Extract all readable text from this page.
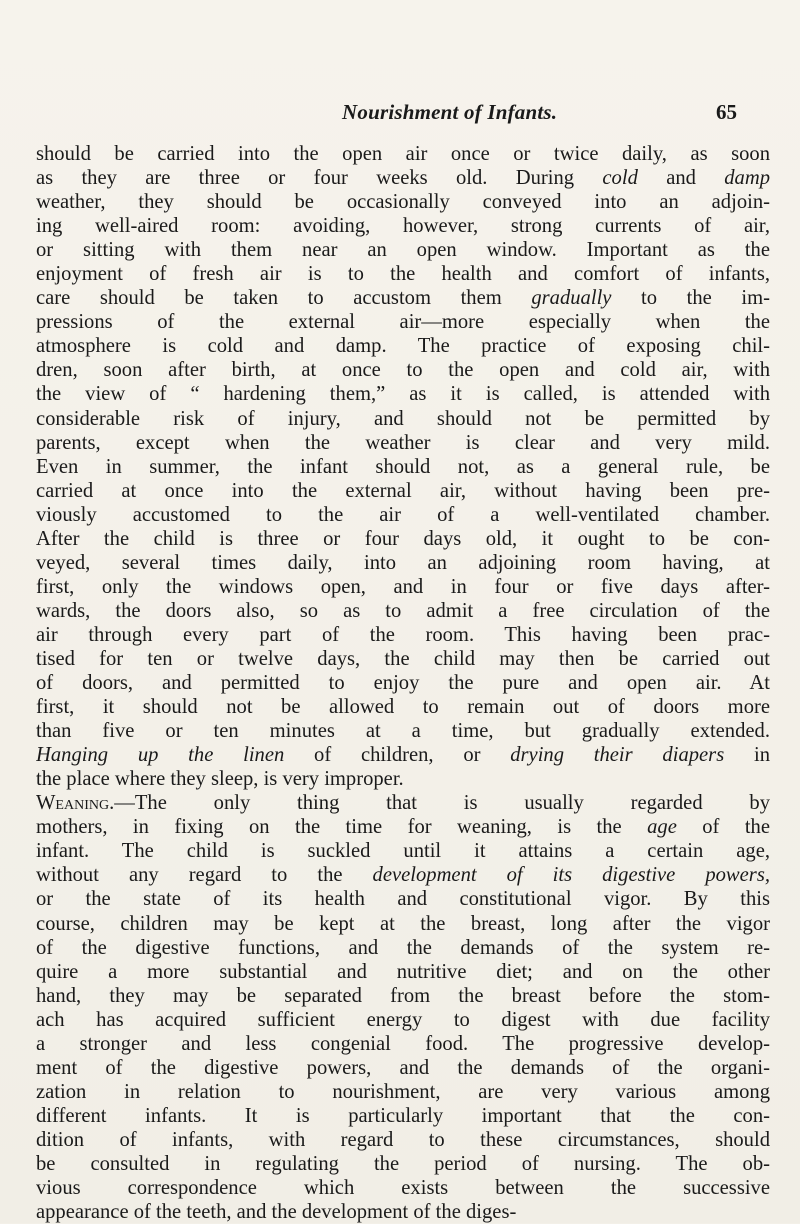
Nourishment of Infants.	65
should be carried into the open air once or twice daily, as soon
as they are three or four weeks old. During cold and damp
weather, they should be occasionally conveyed into an adjoin-
ing well-aired room: avoiding, however, strong currents of air,
or sitting with them near an open window. Important as the
enjoyment of fresh air is to the health and comfort of infants,
care should be taken to accustom them gradually to the im-
pressions of the external air—more especially when the
atmosphere is cold and damp. The practice of exposing chil-
dren, soon after birth, at once to the open and cold air, with
the view of “ hardening them,” as it is called, is attended with
considerable risk of injury, and should not be permitted by
parents, except when the weather is clear and very mild.
Even in summer, the infant should not, as a general rule, be
carried at once into the external air, without having been pre-
viously accustomed to the air of a well-ventilated chamber.
After the child is three or four days old, it ought to be con-
veyed, several times daily, into an adjoining room having, at
first, only the windows open, and in four or five days after-
wards, the doors also, so as to admit a free circulation of the
air through every part of the room. This having been prac-
tised for ten or twelve days, the child may then be carried out
of doors, and permitted to enjoy the pure and open air. At
first, it should not be allowed to remain out of doors more
than five or ten minutes at a time, but gradually extended.
Hanging up the linen of children, or drying their diapers in
the place where they sleep, is very improper.
Weaning.—The only thing that is usually regarded by
mothers, in fixing on the time for weaning, is the age of the
infant. The child is suckled until it attains a certain age,
without any regard to the development of its digestive powers,
or the state of its health and constitutional vigor. By this
course, children may be kept at the breast, long after the vigor
of the digestive functions, and the demands of the system re-
quire a more substantial and nutritive diet; and on the other
hand, they may be separated from the breast before the stom-
ach has acquired sufficient energy to digest with due facility
a stronger and less congenial food. The progressive develop-
ment of the digestive powers, and the demands of the organi-
zation in relation to nourishment, are very various among
different infants. It is particularly important that the con-
dition of infants, with regard to these circumstances, should
be consulted in regulating the period of nursing. The ob-
vious correspondence which exists between the successive
appearance of the teeth, and the development of the diges-
